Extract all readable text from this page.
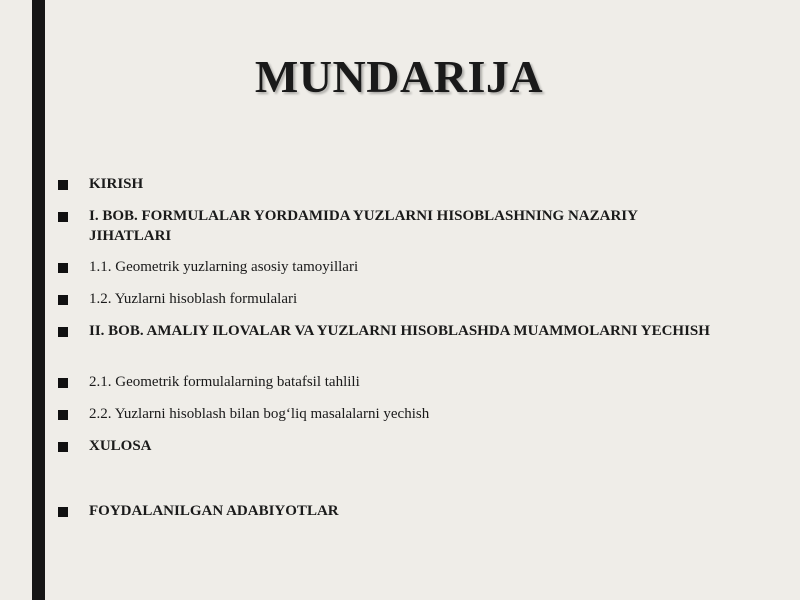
MUNDARIJA
KIRISH
I. BOB. FORMULALAR YORDAMIDA YUZLARNI HISOBLASHNING NAZARIY JIHATLARI
1.1. Geometrik yuzlarning asosiy tamoyillari
1.2. Yuzlarni hisoblash formulalari
II. BOB. AMALIY ILOVALAR VA YUZLARNI HISOBLASHDA MUAMMOLARNI YECHISH
2.1. Geometrik formulalarning batafsil tahlili
2.2. Yuzlarni hisoblash bilan bog‘liq masalalarni yechish
XULOSA
FOYDALANILGAN ADABIYOTLAR
